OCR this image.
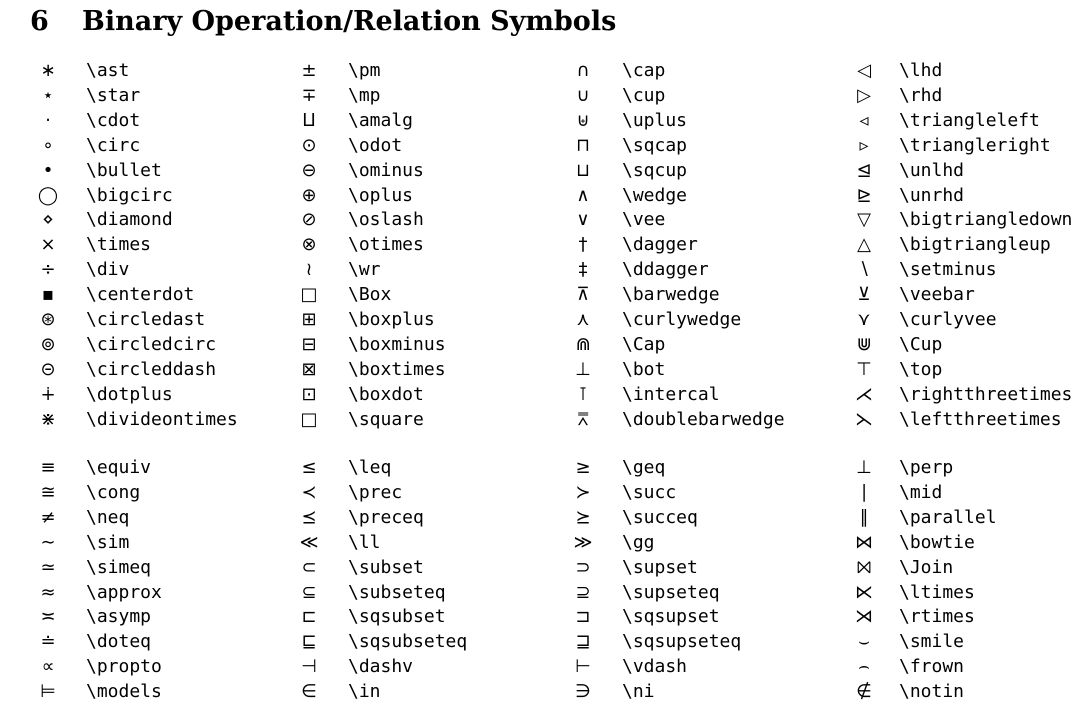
6 Binary Operation/Relation Symbols
∗	\ast	±	\pm	∩	\cap	◁	\lhd
⋆	\star	∓	\mp	∪	\cup	▷	\rhd
⋅	\cdot	⨿	\amalg	⊎	\uplus	◃	\triangleleft
∘	\circ	⊙	\odot	⊓	\sqcap	▹	\triangleright
•	\bullet	⊖	\ominus	⊔	\sqcup	⊴	\unlhd
◯	\bigcirc	⊕	\oplus	∧	\wedge	⊵	\unrhd
⋄	\diamond	⊘	\oslash	∨	\vee	▽	\bigtriangledown
×	\times	⊗	\otimes	†	\dagger	△	\bigtriangleup
÷	\div	≀	\wr	‡	\ddagger	∖	\setminus
▪	\centerdot	□	\Box	⊼	\barwedge	⊻	\veebar
⊛	\circledast	⊞	\boxplus	⋏	\curlywedge	⋎	\curlyvee
⊚	\circledcirc	⊟	\boxminus	⋒	\Cap	⋓	\Cup
⊝	\circleddash	⊠	\boxtimes	⊥	\bot	⊤	\top
∔	\dotplus	⊡	\boxdot	⊺	\intercal	⋌	\rightthreetimes
⋇	\divideontimes	□	\square	⩞	\doublebarwedge	⋋	\leftthreetimes
≡	\equiv	≤	\leq	≥	\geq	⊥	\perp
≅	\cong	≺	\prec	≻	\succ	∣	\mid
≠	\neq	⪯	\preceq	⪰	\succeq	∥	\parallel
∼	\sim	≪	\ll	≫	\gg	⋈	\bowtie
≃	\simeq	⊂	\subset	⊃	\supset	⨝	\Join
≈	\approx	⊆	\subseteq	⊇	\supseteq	⋉	\ltimes
≍	\asymp	⊏	\sqsubset	⊐	\sqsupset	⋊	\rtimes
≐	\doteq	⊑	\sqsubseteq	⊒	\sqsupseteq	⌣	\smile
∝	\propto	⊣	\dashv	⊢	\vdash	⌢	\frown
⊨	\models	∈	\in	∋	\ni	∉	\notin
